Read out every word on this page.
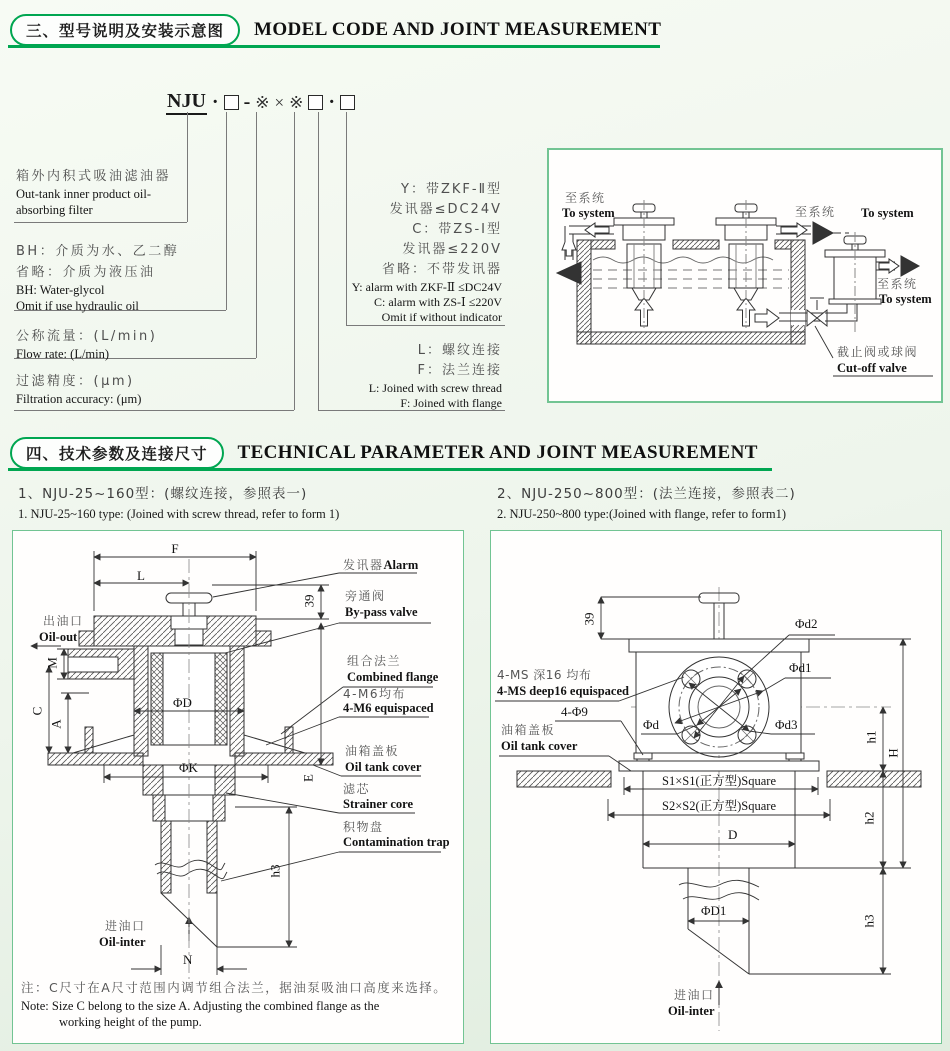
三、型号说明及安装示意图	MODEL CODE AND JOINT MEASUREMENT
NJU · - ※ × ※ ·
箱外内积式吸油滤油器
Out-tank inner product oil-
absorbing filter
BH：介质为水、乙二醇
省略：介质为液压油
BH: Water-glycol
Omit if use hydraulic oil
公称流量：(L/min)
Flow rate: (L/min)
过滤精度：(μm)
Filtration accuracy: (μm)
Y：带ZKF-Ⅱ型
发讯器≤DC24V
C：带ZS-Ⅰ型
发讯器≤220V
省略：不带发讯器
Y: alarm with ZKF-Ⅱ ≤DC24V
C: alarm with ZS-Ⅰ ≤220V
Omit if without indicator
L：螺纹连接
F：法兰连接
L: Joined with screw thread
F: Joined with flange
至系统
To system	至系统 To system
至系统
To system
截止阀或球阀
Cut-off valve
四、技术参数及连接尺寸	TECHNICAL PARAMETER AND JOINT MEASUREMENT
1、NJU-25~160型：(螺纹连接，参照表一)
1. NJU-25~160 type: (Joined with screw thread, refer to form 1)
2、NJU-250~800型：(法兰连接，参照表二)
2. NJU-250~800 type:(Joined with flange, refer to form1)
发讯器Alarm
39 旁通阀
By-pass valve
出油口
Oil-out
M
C
A
ΦD
组合法兰
Combined flange
4-M6均布
4-M6 equispaced
ΦK
油箱盖板
Oil tank cover
E
滤芯
Strainer core
积物盘
Contamination trap
h3
进油口
Oil-inter
N
F
L
注：C尺寸在A尺寸范围内调节组合法兰，据油泵吸油口高度来选择。
Note: Size C belong to the size A. Adjusting the combined flange as the
working height of the pump.
39	Φd2
Φd1
4-MS 深16 均布
4-MS deep16 equispaced
4-Φ9
油箱盖板
Oil tank cover
Φd	Φd3
h1
H
S1×S1(正方型)Square
S2×S2(正方型)Square
h2
D
ΦD1
h3
进油口
Oil-inter
